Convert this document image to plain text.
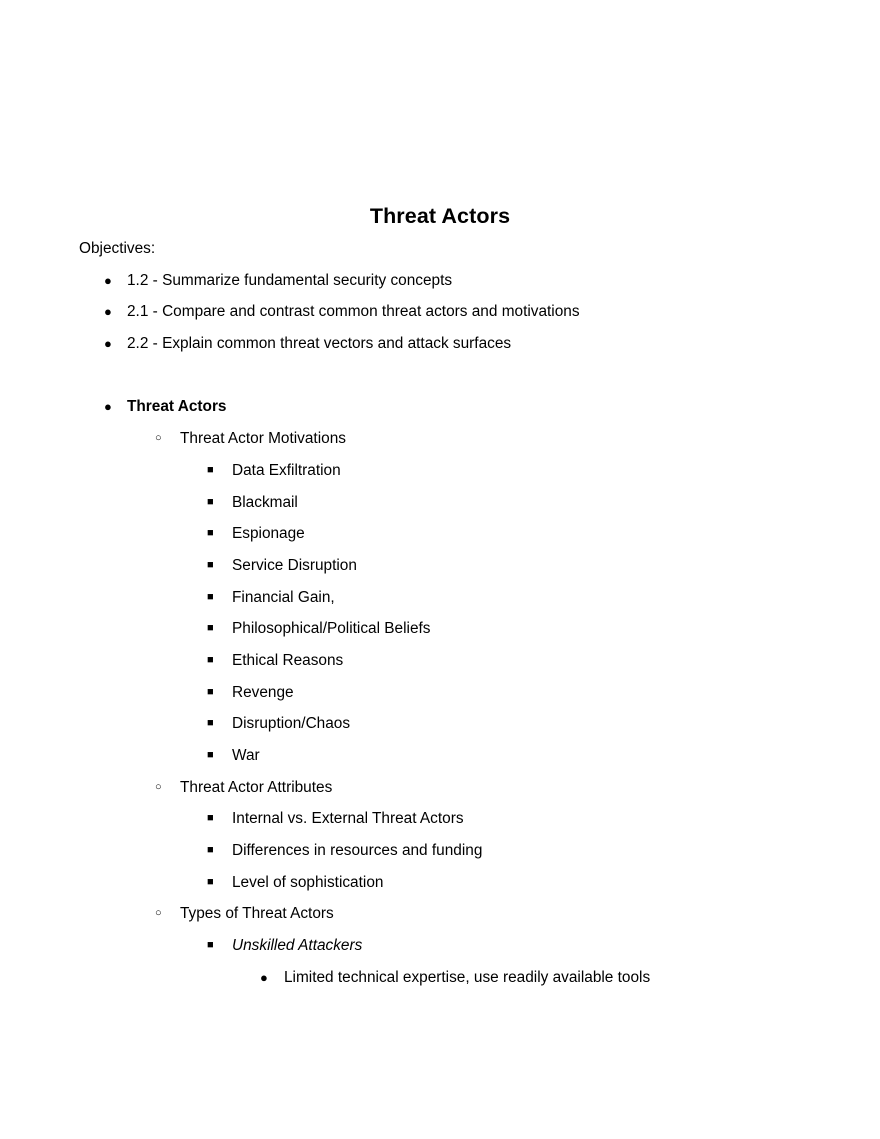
Threat Actors
Objectives:
● 1.2 - Summarize fundamental security concepts
● 2.1 - Compare and contrast common threat actors and motivations
● 2.2 - Explain common threat vectors and attack surfaces
● Threat Actors
○ Threat Actor Motivations
■ Data Exfiltration
■ Blackmail
■ Espionage
■ Service Disruption
■ Financial Gain,
■ Philosophical/Political Beliefs
■ Ethical Reasons
■ Revenge
■ Disruption/Chaos
■ War
○ Threat Actor Attributes
■ Internal vs. External Threat Actors
■ Differences in resources and funding
■ Level of sophistication
○ Types of Threat Actors
■ Unskilled Attackers
● Limited technical expertise, use readily available tools
